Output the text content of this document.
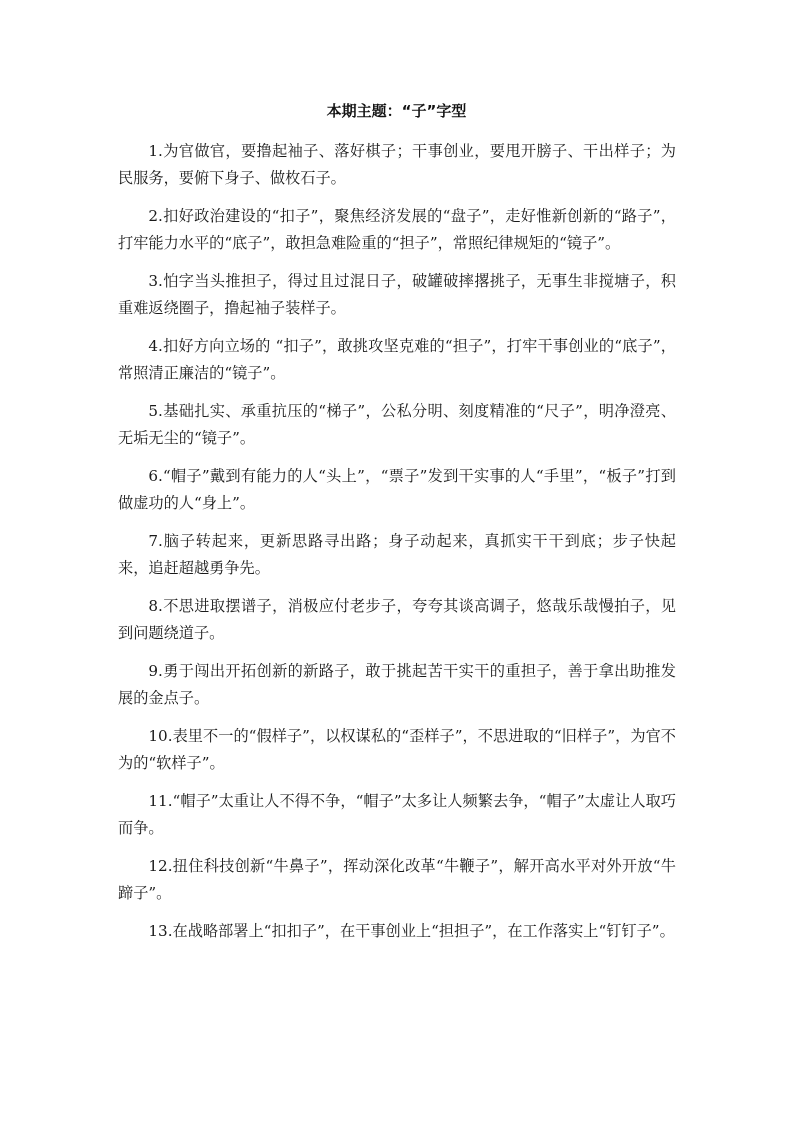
本期主题：“子”字型

1.为官做官，要撸起袖子、落好棋子；干事创业，要甩开膀子、干出样子；为民服务，要俯下身子、做枚石子。

2.扣好政治建设的“扣子”，聚焦经济发展的“盘子”，走好惟新创新的“路子”，打牢能力水平的“底子”，敢担急难险重的“担子”，常照纪律规矩的“镜子”。

3.怕字当头推担子，得过且过混日子，破罐破摔撂挑子，无事生非搅塘子，积重难返绕圈子，撸起袖子装样子。

4.扣好方向立场的 “扣子”，敢挑攻坚克难的“担子”，打牢干事创业的“底子”，常照清正廉洁的“镜子”。

5.基础扎实、承重抗压的“梯子”，公私分明、刻度精准的“尺子”，明净澄亮、无垢无尘的“镜子”。

6.“帽子”戴到有能力的人“头上”，“票子”发到干实事的人“手里”，“板子”打到做虚功的人“身上”。

7.脑子转起来，更新思路寻出路；身子动起来，真抓实干干到底；步子快起来，追赶超越勇争先。

8.不思进取摆谱子，消极应付老步子，夸夸其谈高调子，悠哉乐哉慢拍子，见到问题绕道子。

9.勇于闯出开拓创新的新路子，敢于挑起苦干实干的重担子，善于拿出助推发展的金点子。

10.表里不一的“假样子”，以权谋私的“歪样子”，不思进取的“旧样子”，为官不为的“软样子”。

11.“帽子”太重让人不得不争，“帽子”太多让人频繁去争，“帽子”太虚让人取巧而争。

12.扭住科技创新“牛鼻子”，挥动深化改革“牛鞭子”，解开高水平对外开放“牛蹄子”。

13.在战略部署上“扣扣子”，在干事创业上“担担子”，在工作落实上“钉钉子”。
